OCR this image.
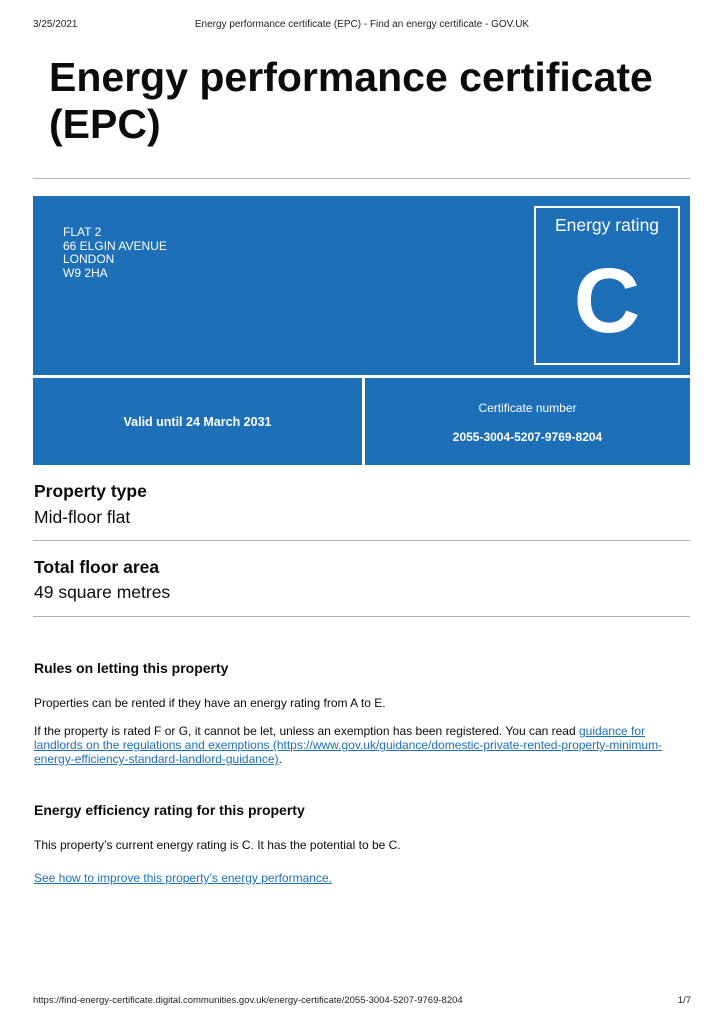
3/25/2021	Energy performance certificate (EPC) - Find an energy certificate - GOV.UK
Energy performance certificate (EPC)
FLAT 2
66 ELGIN AVENUE
LONDON
W9 2HA
Energy rating
C
Valid until 24 March 2031
Certificate number
2055-3004-5207-9769-8204
Property type
Mid-floor flat
Total floor area
49 square metres
Rules on letting this property
Properties can be rented if they have an energy rating from A to E.
If the property is rated F or G, it cannot be let, unless an exemption has been registered. You can read guidance for landlords on the regulations and exemptions (https://www.gov.uk/guidance/domestic-private-rented-property-minimum-energy-efficiency-standard-landlord-guidance).
Energy efficiency rating for this property
This property’s current energy rating is C. It has the potential to be C.
See how to improve this property’s energy performance.
https://find-energy-certificate.digital.communities.gov.uk/energy-certificate/2055-3004-5207-9769-8204	1/7
